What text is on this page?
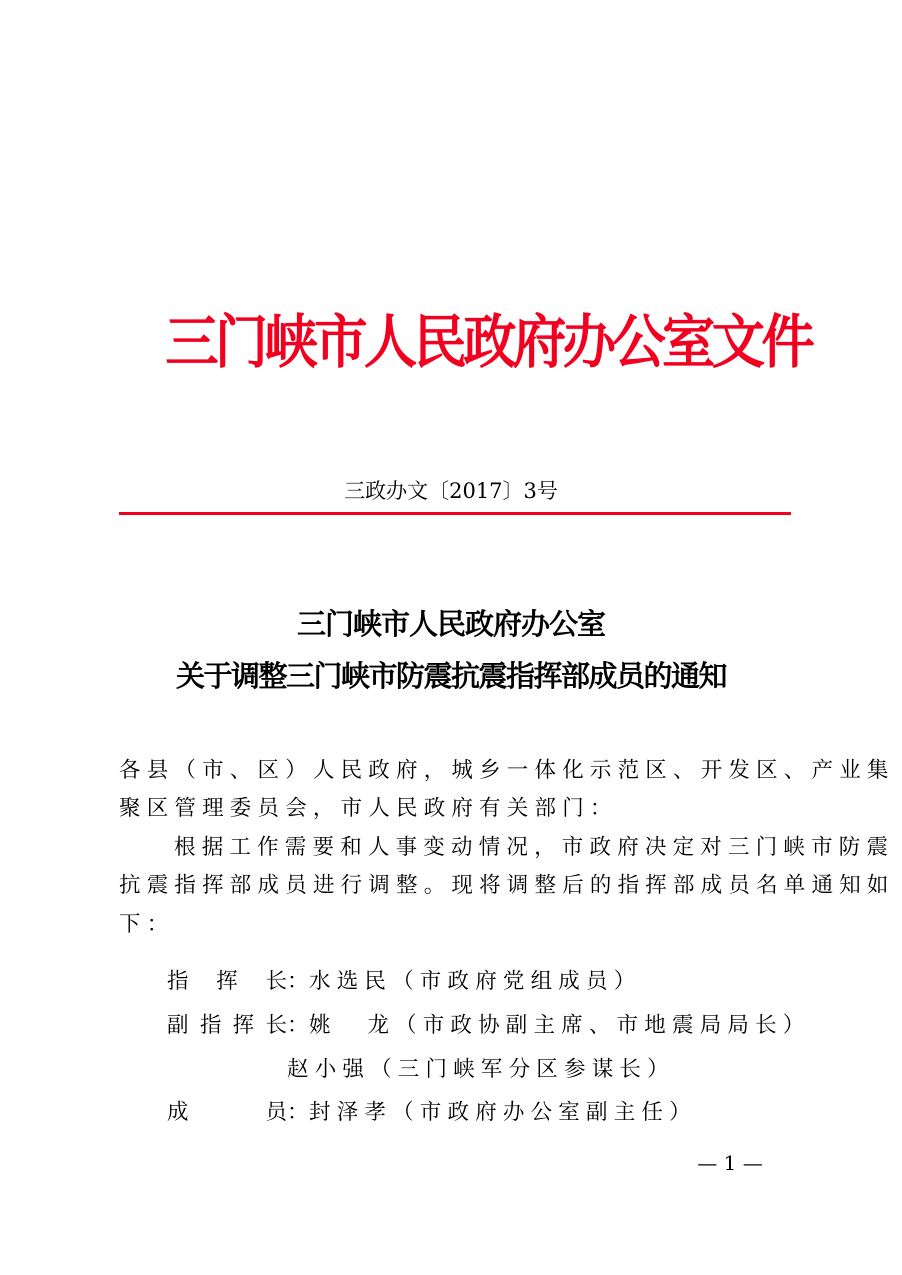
三门峡市人民政府办公室文件
三政办文〔2017〕3号
三门峡市人民政府办公室
关于调整三门峡市防震抗震指挥部成员的通知
各县（市、区）人民政府，城乡一体化示范区、开发区、产业集
聚区管理委员会，市人民政府有关部门：
根据工作需要和人事变动情况，市政府决定对三门峡市防震
抗震指挥部成员进行调整。现将调整后的指挥部成员名单通知如
下：
指挥长：水选民（市政府党组成员）
副指挥长：姚龙 （市政协副主席、市地震局局长）
赵小强（三门峡军分区参谋长）
成员：封泽孝（市政府办公室副主任）
— 1 —
